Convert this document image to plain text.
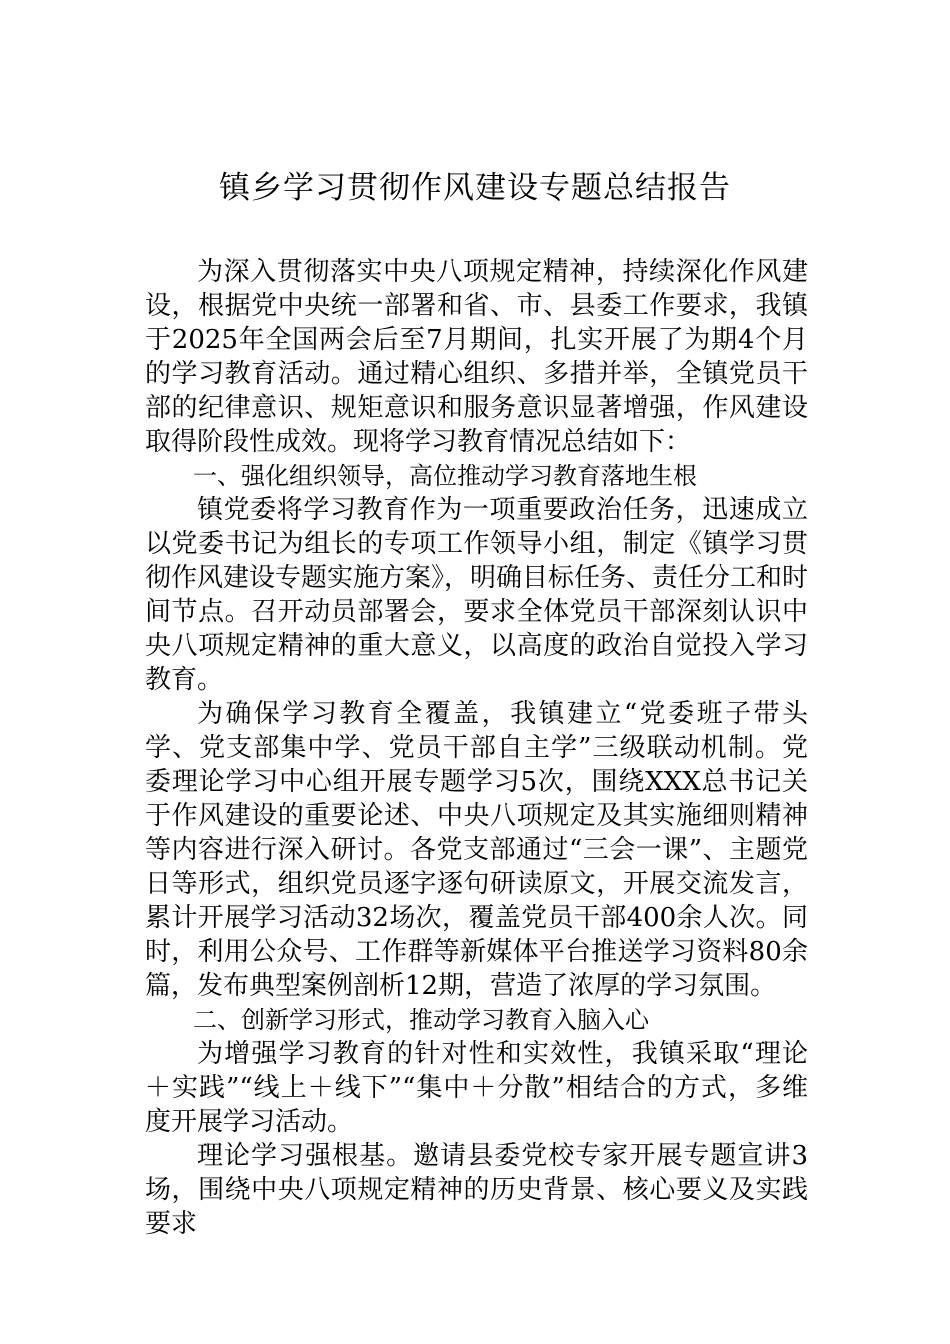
镇乡学习贯彻作风建设专题总结报告

为深入贯彻落实中央八项规定精神，持续深化作风建设，根据党中央统一部署和省、市、县委工作要求，我镇于2025年全国两会后至7月期间，扎实开展了为期4个月的学习教育活动。通过精心组织、多措并举，全镇党员干部的纪律意识、规矩意识和服务意识显著增强，作风建设取得阶段性成效。现将学习教育情况总结如下：

一、强化组织领导，高位推动学习教育落地生根

镇党委将学习教育作为一项重要政治任务，迅速成立以党委书记为组长的专项工作领导小组，制定《镇学习贯彻作风建设专题实施方案》，明确目标任务、责任分工和时间节点。召开动员部署会，要求全体党员干部深刻认识中央八项规定精神的重大意义，以高度的政治自觉投入学习教育。

为确保学习教育全覆盖，我镇建立“党委班子带头学、党支部集中学、党员干部自主学”三级联动机制。党委理论学习中心组开展专题学习5次，围绕XXX总书记关于作风建设的重要论述、中央八项规定及其实施细则精神等内容进行深入研讨。各党支部通过“三会一课”、主题党日等形式，组织党员逐字逐句研读原文，开展交流发言，累计开展学习活动32场次，覆盖党员干部400余人次。同时，利用公众号、工作群等新媒体平台推送学习资料80余篇，发布典型案例剖析12期，营造了浓厚的学习氛围。

二、创新学习形式，推动学习教育入脑入心

为增强学习教育的针对性和实效性，我镇采取“理论＋实践”“线上＋线下”“集中＋分散”相结合的方式，多维度开展学习活动。

理论学习强根基。邀请县委党校专家开展专题宣讲3场，围绕中央八项规定精神的历史背景、核心要义及实践要求
